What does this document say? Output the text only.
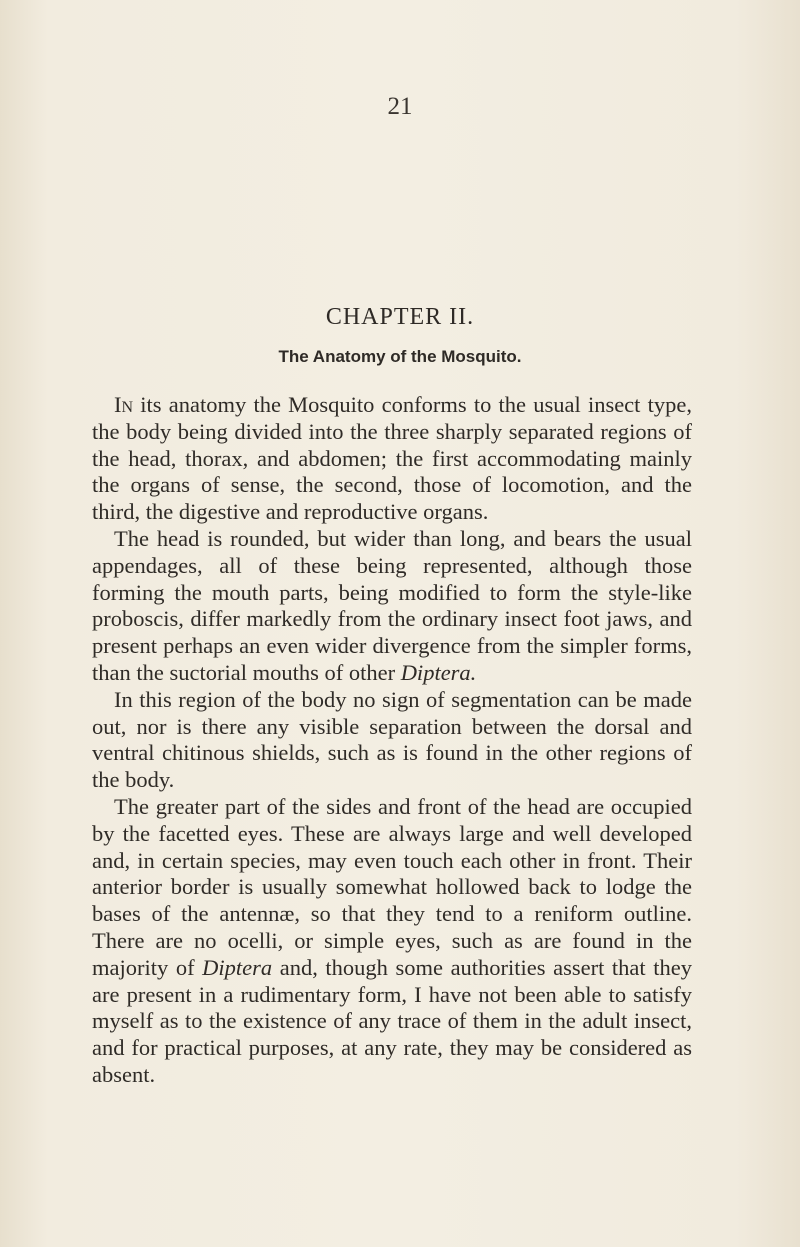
21
CHAPTER II.
The Anatomy of the Mosquito.

In its anatomy the Mosquito conforms to the usual insect type, the body being divided into the three sharply separated regions of the head, thorax, and abdomen; the first accommodating mainly the organs of sense, the second, those of locomotion, and the third, the digestive and reproductive organs.

The head is rounded, but wider than long, and bears the usual appendages, all of these being represented, although those forming the mouth parts, being modified to form the style-like proboscis, differ markedly from the ordinary insect foot jaws, and present perhaps an even wider divergence from the simpler forms, than the suctorial mouths of other Diptera.

In this region of the body no sign of segmentation can be made out, nor is there any visible separation between the dorsal and ventral chitinous shields, such as is found in the other regions of the body.

The greater part of the sides and front of the head are occupied by the facetted eyes. These are always large and well developed and, in certain species, may even touch each other in front. Their anterior border is usually somewhat hollowed back to lodge the bases of the antennæ, so that they tend to a reniform outline. There are no ocelli, or simple eyes, such as are found in the majority of Diptera and, though some authorities assert that they are present in a rudimentary form, I have not been able to satisfy myself as to the existence of any trace of them in the adult insect, and for practical purposes, at any rate, they may be considered as absent.
